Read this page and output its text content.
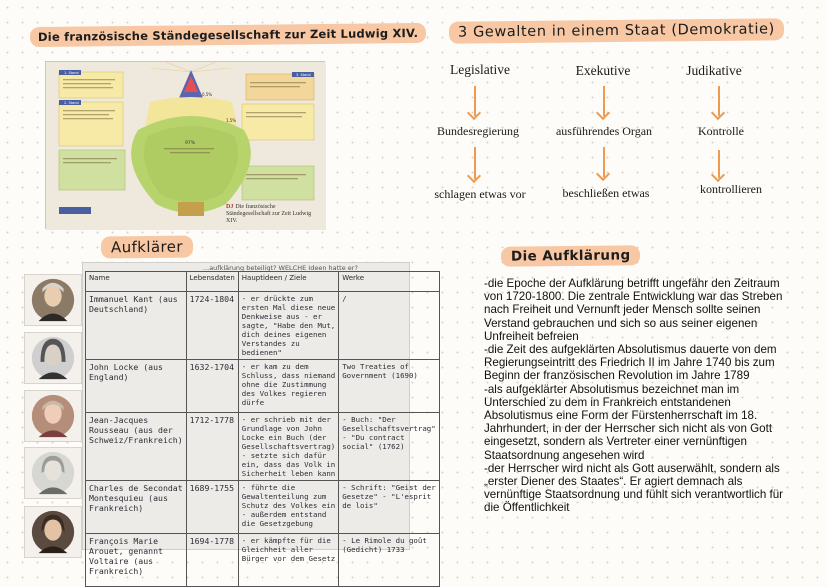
Die französische Ständegesellschaft zur Zeit Ludwig XIV.
1. Stand
2. Stand
3. Stand
97%
1,5%
0,5%
DJ Die französische Ständegesellschaft zur Zeit Ludwig XIV.
3 Gewalten in einem Staat (Demokratie)
Legislative	Exekutive	Judikative
Bundesregierung	ausführendes Organ	Kontrolle
schlagen etwas vor	beschließen etwas	kontrollieren
Aufklärer
...aufklärung beteiligt? WELCHE Ideen hatte er?
Name	Lebensdaten	Hauptideen / Ziele	Werke
Immanuel Kant (aus Deutschland)	1724-1804	- er drückte zum ersten Mal diese neue Denkweise aus - er sagte, "Habe den Mut, dich deines eigenen Verstandes zu bedienen"	/
John Locke (aus England)	1632-1704	- er kam zu dem Schluss, dass niemand ohne die Zustimmung des Volkes regieren dürfe	Two Treaties of Government (1690)
Jean-Jacques Rousseau (aus der Schweiz/Frankreich)	1712-1778	- er schrieb mit der Grundlage von John Locke ein Buch (der Gesellschaftsvertrag) - setzte sich dafür ein, dass das Volk in Sicherheit leben kann	- Buch: "Der Gesellschaftsvertrag" - "Du contract social" (1762)
Charles de Secondat Montesquieu (aus Frankreich)	1689-1755	- führte die Gewaltenteilung zum Schutz des Volkes ein - außerdem entstand die Gesetzgebung	- Schrift: "Geist der Gesetze" - "L'esprit de lois"
François Marie Arouet, genannt Voltaire (aus Frankreich)	1694-1778	- er kämpfte für die Gleichheit aller Bürger vor dem Gesetz	- Le Rimole du goût (Gedicht) 1733
Die Aufklärung

-die Epoche der Aufklärung betrifft ungefähr den Zeitraum von 1720-1800. Die zentrale Entwicklung war das Streben nach Freiheit und Vernunft jeder Mensch sollte seinen Verstand gebrauchen und sich so aus seiner eigenen Unfreiheit befreien

-die Zeit des aufgeklärten Absolutismus dauerte von dem Regierungseintritt des Friedrich II im Jahre 1740 bis zum Beginn der französischen Revolution im Jahre 1789

-als aufgeklärter Absolutismus bezeichnet man im Unterschied zu dem in Frankreich entstandenen Absolutismus eine Form der Fürstenherrschaft im 18. Jahrhundert, in der der Herrscher sich nicht als von Gott eingesetzt, sondern als Vertreter einer vernünftigen Staatsordnung angesehen wird

-der Herrscher wird nicht als Gott auserwählt, sondern als „erster Diener des Staates“. Er agiert demnach als vernünftige Staatsordnung und fühlt sich verantwortlich für die Öffentlichkeit
